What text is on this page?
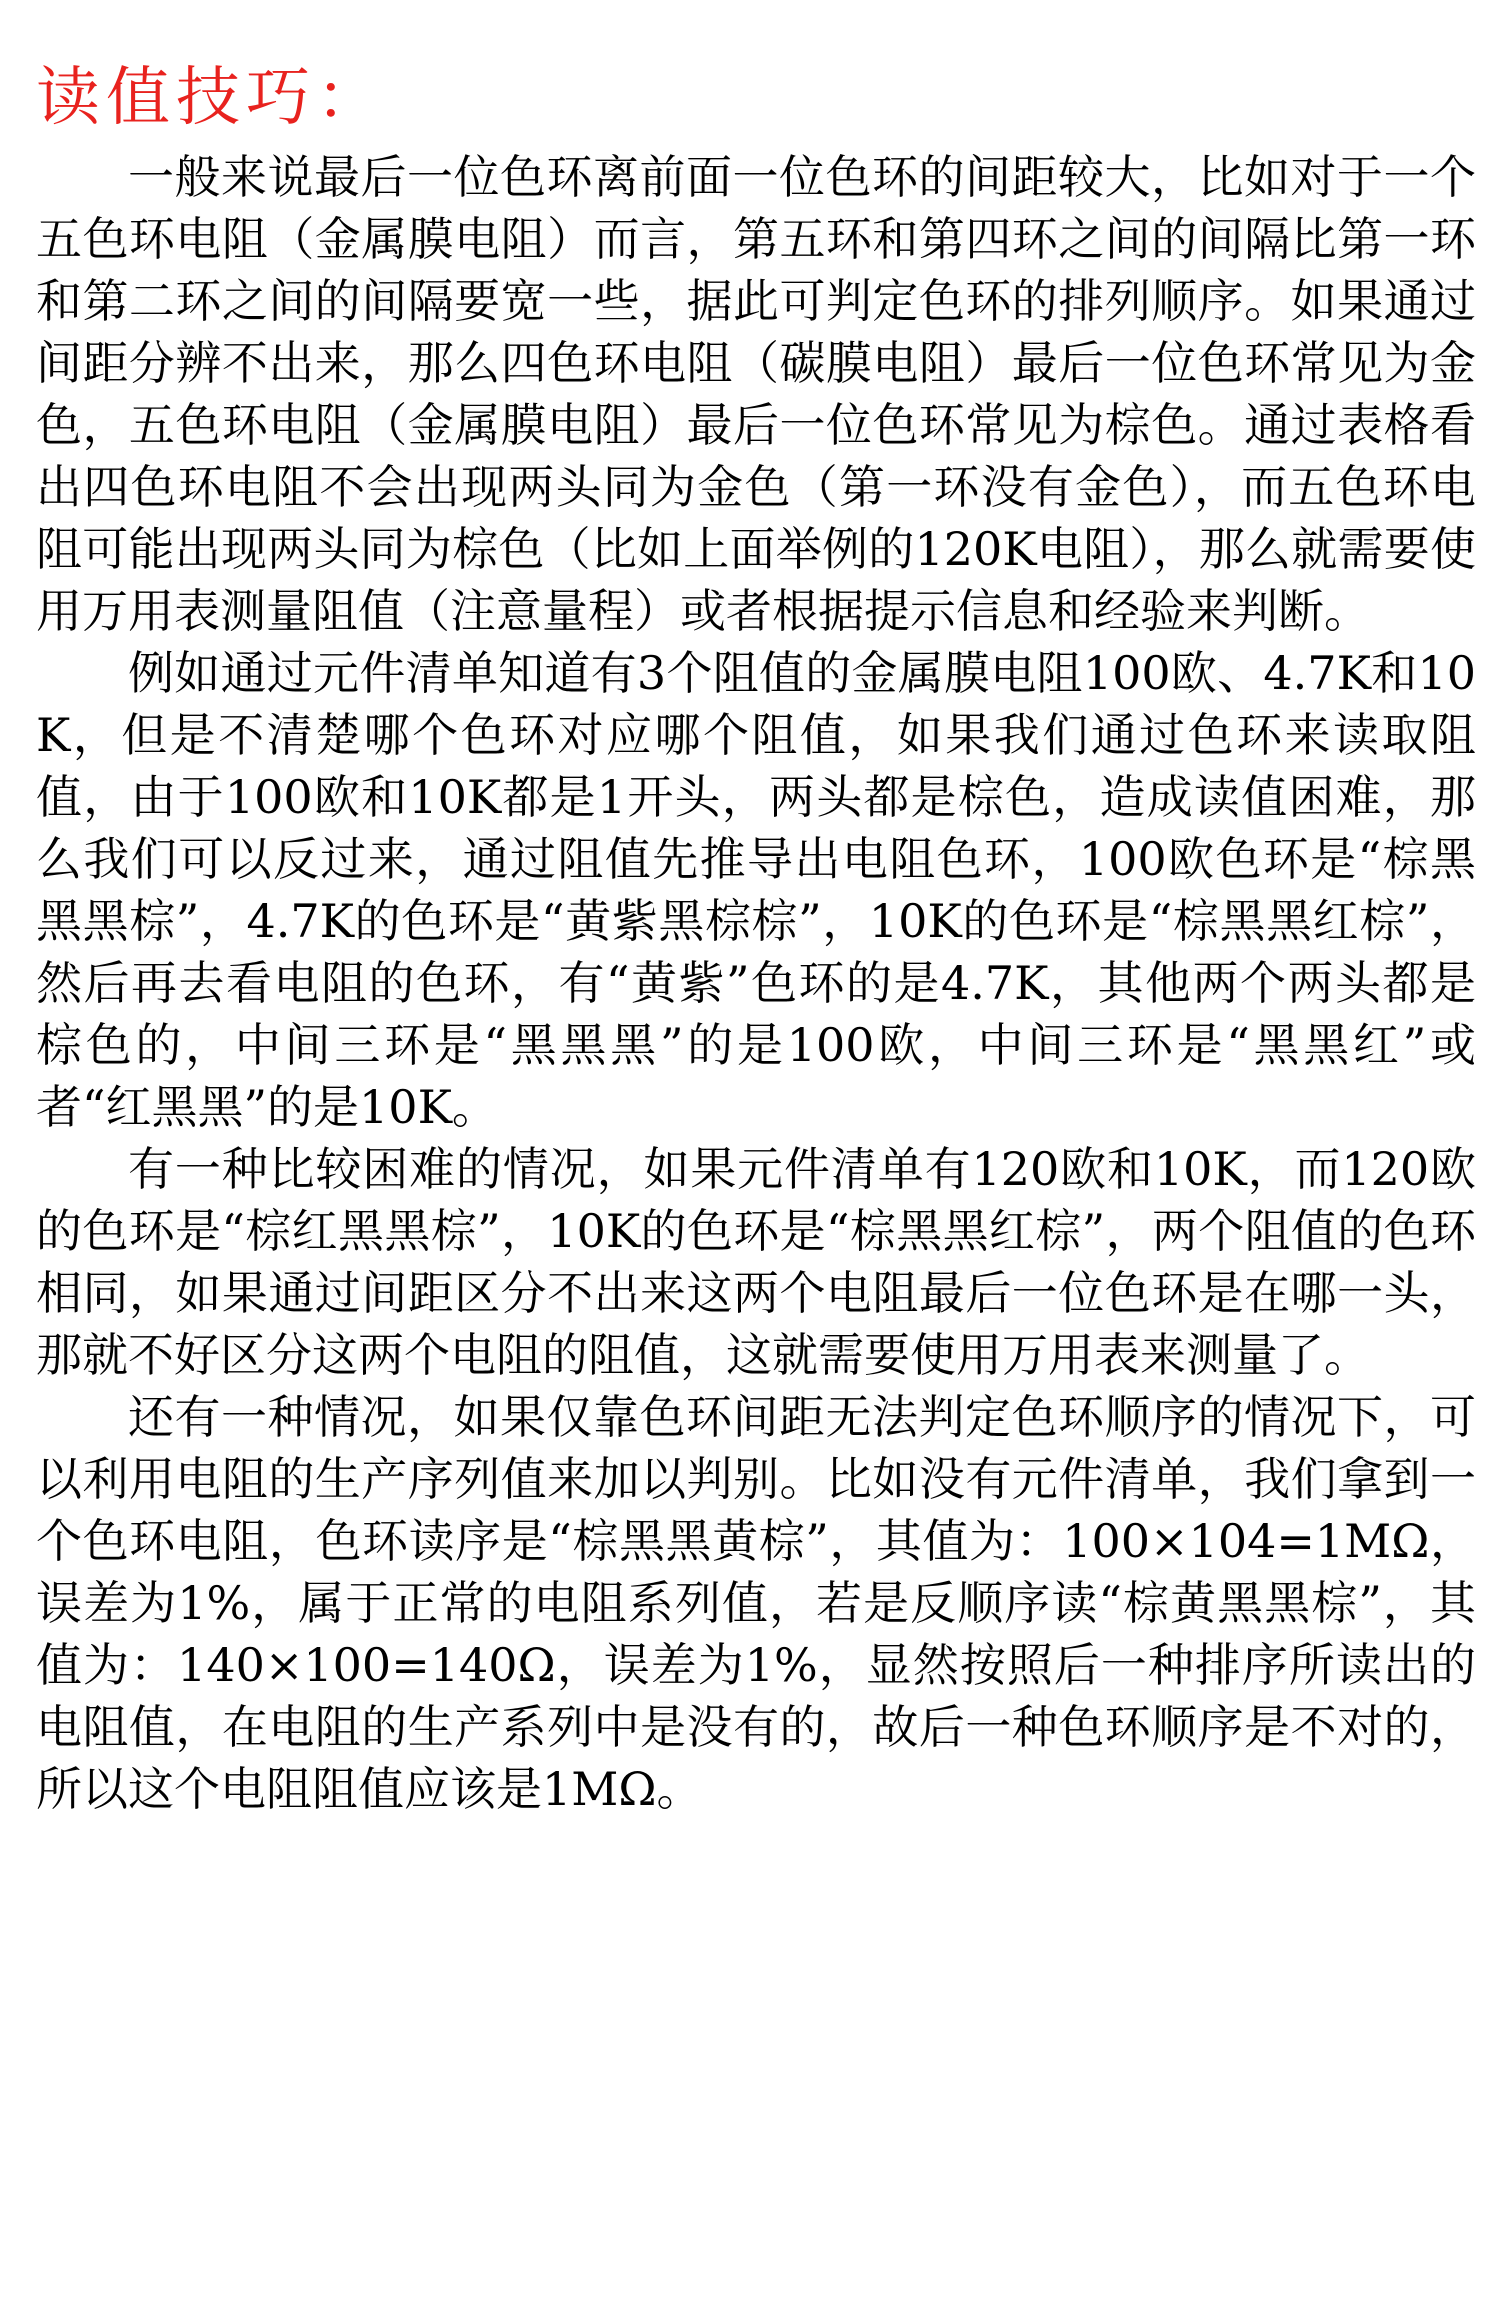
读值技巧：

一般来说最后一位色环离前面一位色环的间距较大，比如对于一个五色环电阻（金属膜电阻）而言，第五环和第四环之间的间隔比第一环和第二环之间的间隔要宽一些，据此可判定色环的排列顺序。如果通过间距分辨不出来，那么四色环电阻（碳膜电阻）最后一位色环常见为金色，五色环电阻（金属膜电阻）最后一位色环常见为棕色。通过表格看出四色环电阻不会出现两头同为金色（第一环没有金色），而五色环电阻可能出现两头同为棕色（比如上面举例的120K电阻），那么就需要使用万用表测量阻值（注意量程）或者根据提示信息和经验来判断。

例如通过元件清单知道有3个阻值的金属膜电阻100欧、4.7K和10K，但是不清楚哪个色环对应哪个阻值，如果我们通过色环来读取阻值，由于100欧和10K都是1开头，两头都是棕色，造成读值困难，那么我们可以反过来，通过阻值先推导出电阻色环，100欧色环是“棕黑黑黑棕”，4.7K的色环是“黄紫黑棕棕”，10K的色环是“棕黑黑红棕”，然后再去看电阻的色环，有“黄紫”色环的是4.7K，其他两个两头都是棕色的，中间三环是“黑黑黑”的是100欧，中间三环是“黑黑红”或者“红黑黑”的是10K。

有一种比较困难的情况，如果元件清单有120欧和10K，而120欧的色环是“棕红黑黑棕”，10K的色环是“棕黑黑红棕”，两个阻值的色环相同，如果通过间距区分不出来这两个电阻最后一位色环是在哪一头，那就不好区分这两个电阻的阻值，这就需要使用万用表来测量了。

还有一种情况，如果仅靠色环间距无法判定色环顺序的情况下，可以利用电阻的生产序列值来加以判别。比如没有元件清单，我们拿到一个色环电阻，色环读序是“棕黑黑黄棕”，其值为：100×104=1MΩ，误差为1%，属于正常的电阻系列值，若是反顺序读“棕黄黑黑棕”，其值为：140×100=140Ω，误差为1%，显然按照后一种排序所读出的电阻值，在电阻的生产系列中是没有的，故后一种色环顺序是不对的，所以这个电阻阻值应该是1MΩ。
